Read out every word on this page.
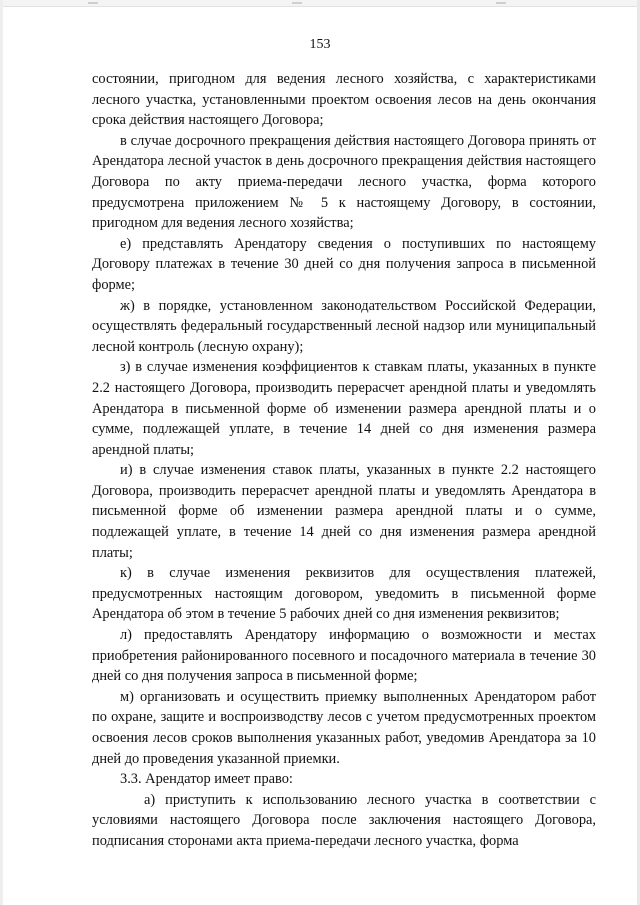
153

состоянии, пригодном для ведения лесного хозяйства, с характеристиками лесного участка, установленными проектом освоения лесов на день окончания срока действия настоящего Договора;

в случае досрочного прекращения действия настоящего Договора принять от Арендатора лесной участок в день досрочного прекращения действия настоящего Договора по акту приема-передачи лесного участка, форма которого предусмотрена приложением № 5 к настоящему Договору, в состоянии, пригодном для ведения лесного хозяйства;

е) представлять Арендатору сведения о поступивших по настоящему Договору платежах в течение 30 дней со дня получения запроса в письменной форме;

ж) в порядке, установленном законодательством Российской Федерации, осуществлять федеральный государственный лесной надзор или муниципальный лесной контроль (лесную охрану);

з) в случае изменения коэффициентов к ставкам платы, указанных в пункте 2.2 настоящего Договора, производить перерасчет арендной платы и уведомлять Арендатора в письменной форме об изменении размера арендной платы и о сумме, подлежащей уплате, в течение 14 дней со дня изменения размера арендной платы;

и) в случае изменения ставок платы, указанных в пункте 2.2 настоящего Договора, производить перерасчет арендной платы и уведомлять Арендатора в письменной форме об изменении размера арендной платы и о сумме, подлежащей уплате, в течение 14 дней со дня изменения размера арендной платы;

к) в случае изменения реквизитов для осуществления платежей, предусмотренных настоящим договором, уведомить в письменной форме Арендатора об этом в течение 5 рабочих дней со дня изменения реквизитов;

л) предоставлять Арендатору информацию о возможности и местах приобретения районированного посевного и посадочного материала в течение 30 дней со дня получения запроса в письменной форме;

м) организовать и осуществить приемку выполненных Арендатором работ по охране, защите и воспроизводству лесов с учетом предусмотренных проектом освоения лесов сроков выполнения указанных работ, уведомив Арендатора за 10 дней до проведения указанной приемки.

3.3. Арендатор имеет право:

а) приступить к использованию лесного участка в соответствии с условиями настоящего Договора после заключения настоящего Договора, подписания сторонами акта приема-передачи лесного участка, форма
